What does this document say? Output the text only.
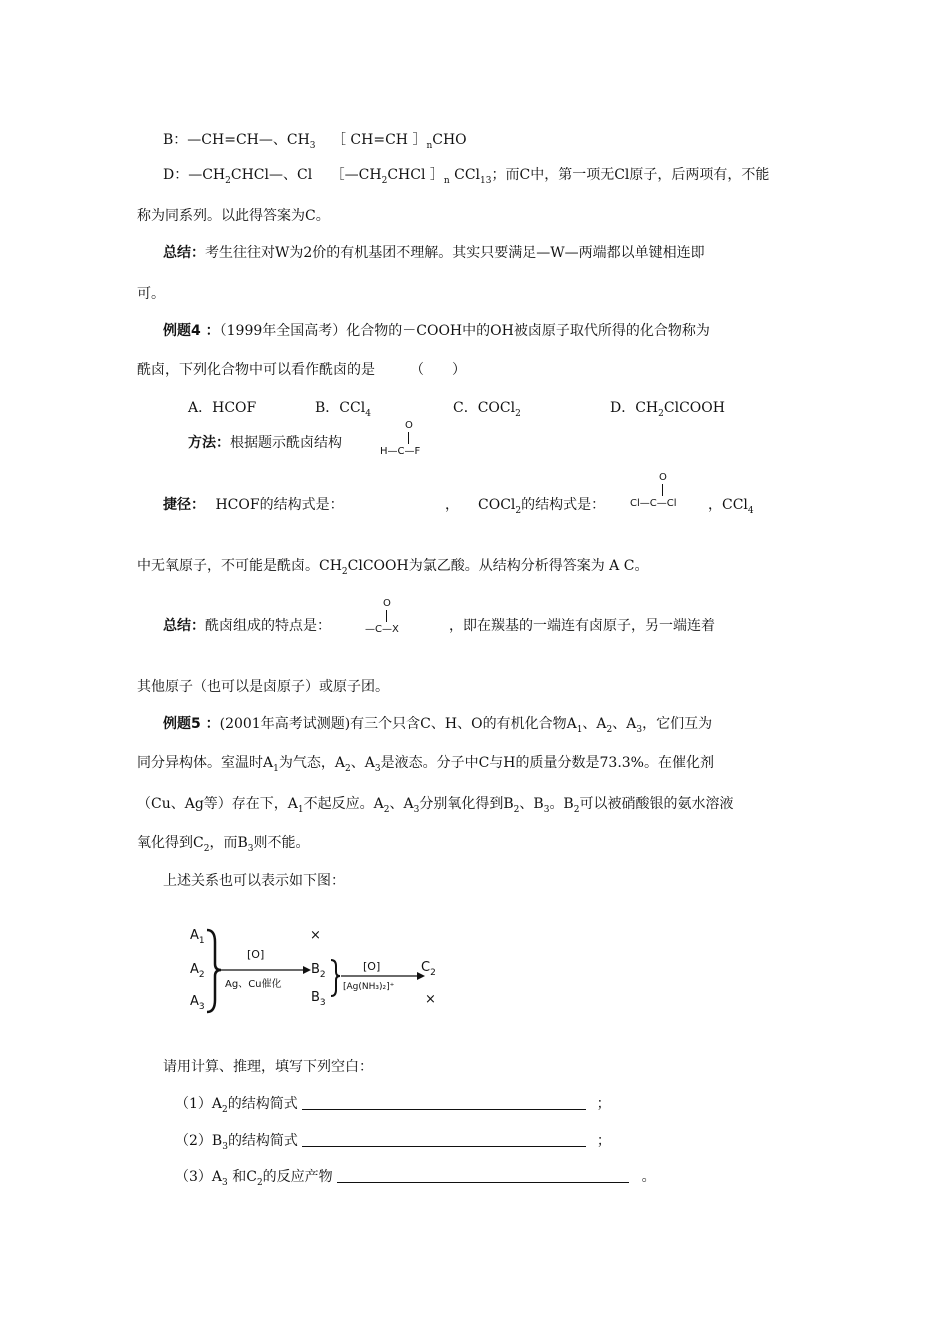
B：—CH=CH—、$CH_3$ ［ CH=CH $]_nCHO$
D：$—CH_2CHCl—$、Cl $[—CH_2CHCl$ $]_n$ CCl$_{13}$；而C中，第一项无Cl原子，后两项有，不能
称为同系列。以此得答案为C。
总结：考生往往对W为2价的有机基团不理解。其实只要满足—W—两端都以单键相连即
可。
例题4 ：（1999年全国高考）化合物的－COOH中的OH被卤原子取代所得的化合物称为
酰卤，下列化合物中可以看作酰卤的是　　　（　　）
A．HCOF	B．CCl$_4$	C．COCl$_2$	D．$CH_2ClCOOH$
方法：根据题示酰卤结构
O
H—C—F
捷径： HCOF的结构式是：	， COCl$_2$的结构式是：
O
Cl—C—Cl ，CCl$_4$
中无氧原子，不可能是酰卤。$CH_2ClCOOH$为氯乙酸。从结构分析得答案为 A C。
总结：酰卤组成的特点是：
O
—C—X	，即在羰基的一端连有卤原子，另一端连着
其他原子（也可以是卤原子）或原子团。
例题5 ：(2001年高考试测题)有三个只含C、H、O的有机化合物$A_1$、$A_2$、$A_3$，它们互为
同分异构体。室温时$A_1$为气态，$A_2$、$A_3$是液态。分子中C与H的质量分数是73.3%。在催化剂
（Cu、Ag等）存在下，$A_1$不起反应。$A_2$、$A_3$分别氧化得到$B_2$、$B_3$。$B_2$可以被硝酸银的氨水溶液
氧化得到$C_2$，而$B_3$则不能。
上述关系也可以表示如下图：
$A_1$
$A_2$
$A_3$
[O]
Ag、Cu催化
×
$B_2$
$B_3$
[O]
[Ag(NH₃)₂]⁺
$C_2$
×
请用计算、推理，填写下列空白：
$(1)A_2$的结构简式	；
$(2)B_3$的结构简式	；
$(3)A_3$ 和$C_2$的反应产物	。
